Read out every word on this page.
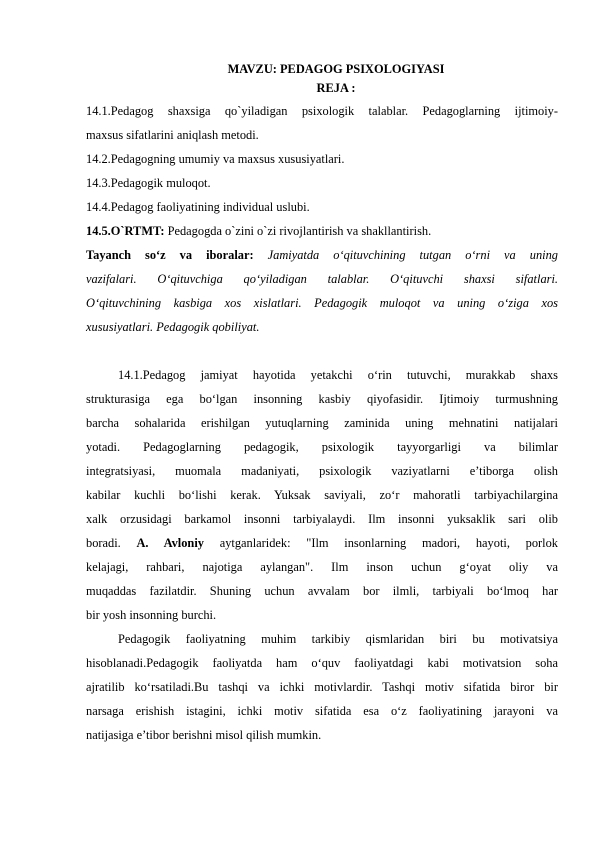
MAVZU: PEDAGOG PSIXOLOGIYASI
REJA :
14.1.Pedagog shaxsiga qo`yiladigan psixologik talablar. Pedagoglarning ijtimoiy-
maxsus sifatlarini aniqlash metodi.
14.2.Pedagogning umumiy va maxsus xususiyatlari.
14.3.Pedagogik muloqot.
14.4.Pedagog faoliyatining individual uslubi.
14.5.O`RTMT: Pedagogda o`zini o`zi rivojlantirish va shakllantirish.
Tayanch so‘z va iboralar: Jamiyatda o‘qituvchining tutgan o‘rni va uning
vazifalari. O‘qituvchiga qo‘yiladigan talablar. O‘qituvchi shaxsi sifatlari.
O‘qituvchining kasbiga xos xislatlari. Pedagogik muloqot va uning o‘ziga xos
xususiyatlari. Pedagogik qobiliyat.
14.1.Pedagog jamiyat hayotida yetakchi o‘rin tutuvchi, murakkab shaxs
strukturasiga ega bo‘lgan insonning kasbiy qiyofasidir. Ijtimoiy turmushning
barcha sohalarida erishilgan yutuqlarning zaminida uning mehnatini natijalari
yotadi. Pedagoglarning pedagogik, psixologik tayyorgarligi va bilimlar
integratsiyasi, muomala madaniyati, psixologik vaziyatlarni e’tiborga olish
kabilar kuchli bo‘lishi kerak. Yuksak saviyali, zo‘r mahoratli tarbiyachilargina
xalk orzusidagi barkamol insonni tarbiyalaydi. Ilm insonni yuksaklik sari olib
boradi. A. Avloniy aytganlaridek: "Ilm insonlarning madori, hayoti, porlok
kelajagi, rahbari, najotiga aylangan". Ilm inson uchun g‘oyat oliy va
muqaddas fazilatdir. Shuning uchun avvalam bor ilmli, tarbiyali bo‘lmoq har
bir yosh insonning burchi.
Pedagogik faoliyatning muhim tarkibiy qismlaridan biri bu motivatsiya
hisoblanadi.Pedagogik faoliyatda ham o‘quv faoliyatdagi kabi motivatsion soha
ajratilib ko‘rsatiladi.Bu tashqi va ichki motivlardir. Tashqi motiv sifatida biror bir
narsaga erishish istagini, ichki motiv sifatida esa o‘z faoliyatining jarayoni va
natijasiga e’tibor berishni misol qilish mumkin.
